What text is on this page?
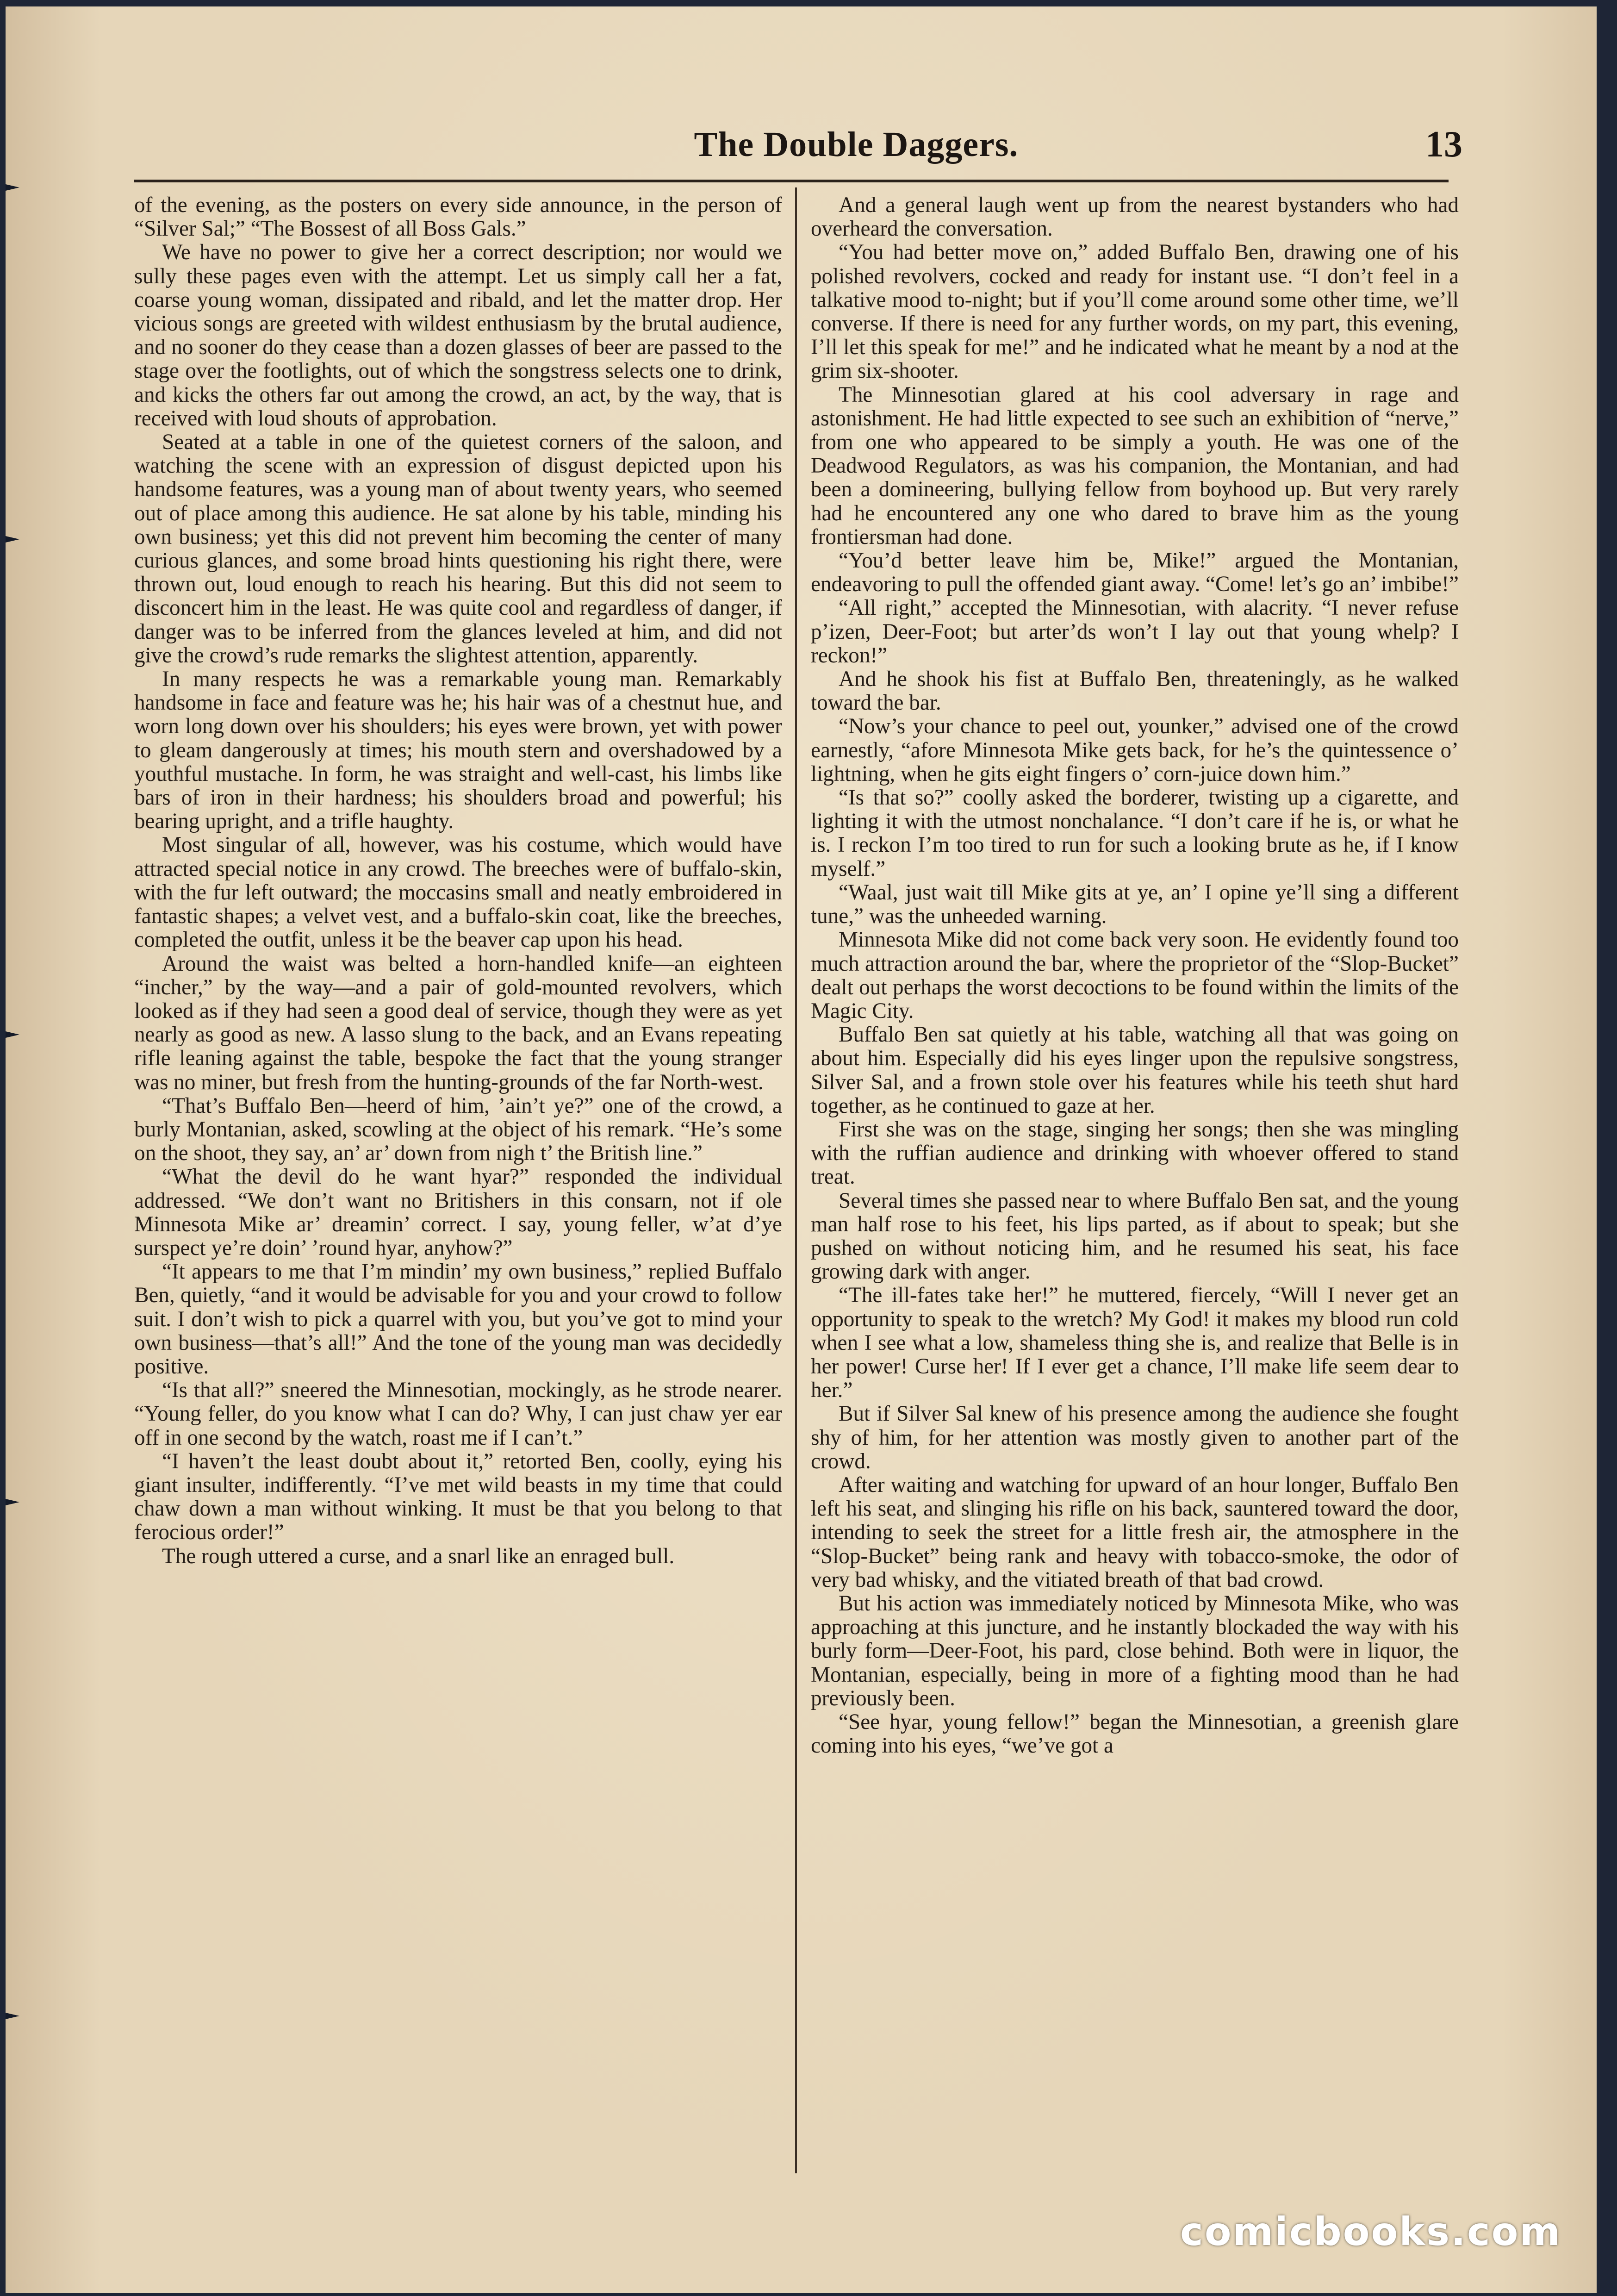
The Double Daggers.	13

of the evening, as the posters on every side announce, in the person of “Silver Sal;” “The Bossest of all Boss Gals.”

We have no power to give her a correct description; nor would we sully these pages even with the attempt. Let us simply call her a fat, coarse young woman, dissipated and ribald, and let the matter drop. Her vicious songs are greeted with wildest enthusiasm by the brutal audience, and no sooner do they cease than a dozen glasses of beer are passed to the stage over the footlights, out of which the songstress selects one to drink, and kicks the others far out among the crowd, an act, by the way, that is received with loud shouts of approbation.

Seated at a table in one of the quietest corners of the saloon, and watching the scene with an expression of disgust depicted upon his handsome features, was a young man of about twenty years, who seemed out of place among this audience. He sat alone by his table, minding his own business; yet this did not prevent him becoming the center of many curious glances, and some broad hints questioning his right there, were thrown out, loud enough to reach his hearing. But this did not seem to disconcert him in the least. He was quite cool and regardless of danger, if danger was to be inferred from the glances leveled at him, and did not give the crowd’s rude remarks the slightest attention, apparently.

In many respects he was a remarkable young man. Remarkably handsome in face and feature was he; his hair was of a chestnut hue, and worn long down over his shoulders; his eyes were brown, yet with power to gleam dangerously at times; his mouth stern and overshadowed by a youthful mustache. In form, he was straight and well-cast, his limbs like bars of iron in their hardness; his shoulders broad and powerful; his bearing upright, and a trifle haughty.

Most singular of all, however, was his costume, which would have attracted special notice in any crowd. The breeches were of buffalo-skin, with the fur left outward; the moccasins small and neatly embroidered in fantastic shapes; a velvet vest, and a buffalo-skin coat, like the breeches, completed the outfit, unless it be the beaver cap upon his head.

Around the waist was belted a horn-handled knife—an eighteen “incher,” by the way—and a pair of gold-mounted revolvers, which looked as if they had seen a good deal of service, though they were as yet nearly as good as new. A lasso slung to the back, and an Evans repeating rifle leaning against the table, bespoke the fact that the young stranger was no miner, but fresh from the hunting-grounds of the far North-west.

“That’s Buffalo Ben—heerd of him, ’ain’t ye?” one of the crowd, a burly Montanian, asked, scowling at the object of his remark. “He’s some on the shoot, they say, an’ ar’ down from nigh t’ the British line.”

“What the devil do he want hyar?” responded the individual addressed. “We don’t want no Britishers in this consarn, not if ole Minnesota Mike ar’ dreamin’ correct. I say, young feller, w’at d’ye surspect ye’re doin’ ’round hyar, anyhow?”

“It appears to me that I’m mindin’ my own business,” replied Buffalo Ben, quietly, “and it would be advisable for you and your crowd to follow suit. I don’t wish to pick a quarrel with you, but you’ve got to mind your own business—that’s all!” And the tone of the young man was decidedly positive.

“Is that all?” sneered the Minnesotian, mockingly, as he strode nearer. “Young feller, do you know what I can do? Why, I can just chaw yer ear off in one second by the watch, roast me if I can’t.”

“I haven’t the least doubt about it,” retorted Ben, coolly, eying his giant insulter, indifferently. “I’ve met wild beasts in my time that could chaw down a man without winking. It must be that you belong to that ferocious order!”

The rough uttered a curse, and a snarl like an enraged bull.

And a general laugh went up from the nearest bystanders who had overheard the conversation.

“You had better move on,” added Buffalo Ben, drawing one of his polished revolvers, cocked and ready for instant use. “I don’t feel in a talkative mood to-night; but if you’ll come around some other time, we’ll converse. If there is need for any further words, on my part, this evening, I’ll let this speak for me!” and he indicated what he meant by a nod at the grim six-shooter.

The Minnesotian glared at his cool adversary in rage and astonishment. He had little expected to see such an exhibition of “nerve,” from one who appeared to be simply a youth. He was one of the Deadwood Regulators, as was his companion, the Montanian, and had been a domineering, bullying fellow from boyhood up. But very rarely had he encountered any one who dared to brave him as the young frontiersman had done.

“You’d better leave him be, Mike!” argued the Montanian, endeavoring to pull the offended giant away. “Come! let’s go an’ imbibe!”

“All right,” accepted the Minnesotian, with alacrity. “I never refuse p’izen, Deer-Foot; but arter’ds won’t I lay out that young whelp? I reckon!”

And he shook his fist at Buffalo Ben, threateningly, as he walked toward the bar.

“Now’s your chance to peel out, younker,” advised one of the crowd earnestly, “afore Minnesota Mike gets back, for he’s the quintessence o’ lightning, when he gits eight fingers o’ corn-juice down him.”

“Is that so?” coolly asked the borderer, twisting up a cigarette, and lighting it with the utmost nonchalance. “I don’t care if he is, or what he is. I reckon I’m too tired to run for such a looking brute as he, if I know myself.”

“Waal, just wait till Mike gits at ye, an’ I opine ye’ll sing a different tune,” was the unheeded warning.

Minnesota Mike did not come back very soon. He evidently found too much attraction around the bar, where the proprietor of the “Slop-Bucket” dealt out perhaps the worst decoctions to be found within the limits of the Magic City.

Buffalo Ben sat quietly at his table, watching all that was going on about him. Especially did his eyes linger upon the repulsive songstress, Silver Sal, and a frown stole over his features while his teeth shut hard together, as he continued to gaze at her.

First she was on the stage, singing her songs; then she was mingling with the ruffian audience and drinking with whoever offered to stand treat.

Several times she passed near to where Buffalo Ben sat, and the young man half rose to his feet, his lips parted, as if about to speak; but she pushed on without noticing him, and he resumed his seat, his face growing dark with anger.

“The ill-fates take her!” he muttered, fiercely, “Will I never get an opportunity to speak to the wretch? My God! it makes my blood run cold when I see what a low, shameless thing she is, and realize that Belle is in her power! Curse her! If I ever get a chance, I’ll make life seem dear to her.”

But if Silver Sal knew of his presence among the audience she fought shy of him, for her attention was mostly given to another part of the crowd.

After waiting and watching for upward of an hour longer, Buffalo Ben left his seat, and slinging his rifle on his back, sauntered toward the door, intending to seek the street for a little fresh air, the atmosphere in the “Slop-Bucket” being rank and heavy with tobacco-smoke, the odor of very bad whisky, and the vitiated breath of that bad crowd.

But his action was immediately noticed by Minnesota Mike, who was approaching at this juncture, and he instantly blockaded the way with his burly form—Deer-Foot, his pard, close behind. Both were in liquor, the Montanian, especially, being in more of a fighting mood than he had previously been.

“See hyar, young fellow!” began the Minnesotian, a greenish glare coming into his eyes, “we’ve got a

comicbooks.com
